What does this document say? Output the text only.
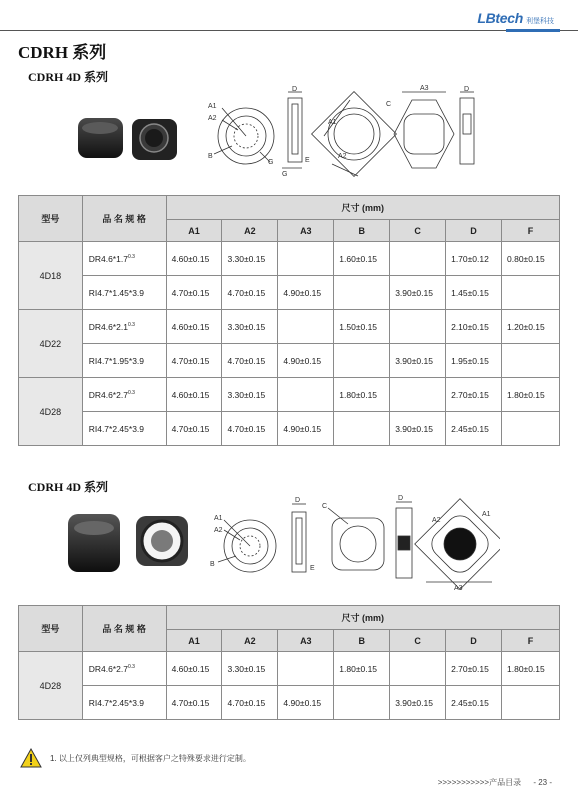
LBtech 利堡科技
CDRH 系列
CDRH 4D 系列
A1
A2
B
G
D
G
E
A1
A2
C
A3	D
型号	品 名 规 格	尺寸 (mm)						
		A1	A2	A3	B	C	D	F
4D18	$DR4.6*1.7^{0.3}$	4.60±0.15	3.30±0.15		1.60±0.15		1.70±0.12	0.80±0.15
	RI4.7*1.45*3.9	4.70±0.15	4.70±0.15	4.90±0.15		3.90±0.15	1.45±0.15	
4D22	$DR4.6*2.1^{0.3}$	4.60±0.15	3.30±0.15		1.50±0.15		2.10±0.15	1.20±0.15
	RI4.7*1.95*3.9	4.70±0.15	4.70±0.15	4.90±0.15		3.90±0.15	1.95±0.15	
4D28	$DR4.6*2.7^{0.3}$	4.60±0.15	3.30±0.15		1.80±0.15		2.70±0.15	1.80±0.15
	RI4.7*2.45*3.9	4.70±0.15	4.70±0.15	4.90±0.15		3.90±0.15	2.45±0.15	
CDRH 4D 系列
A1
A2
B
D
E
C
D
A2
A1
A3
型号	品 名 规 格	尺寸 (mm)						
		A1	A2	A3	B	C	D	F
4D28	$DR4.6*2.7^{0.3}$	4.60±0.15	3.30±0.15		1.80±0.15		2.70±0.15	1.80±0.15
	RI4.7*2.45*3.9	4.70±0.15	4.70±0.15	4.90±0.15		3.90±0.15	2.45±0.15	
1. 以上仅列典型规格，可根据客户之特殊要求进行定制。
>>>>>>>>>>>产品目录 - 23 -
